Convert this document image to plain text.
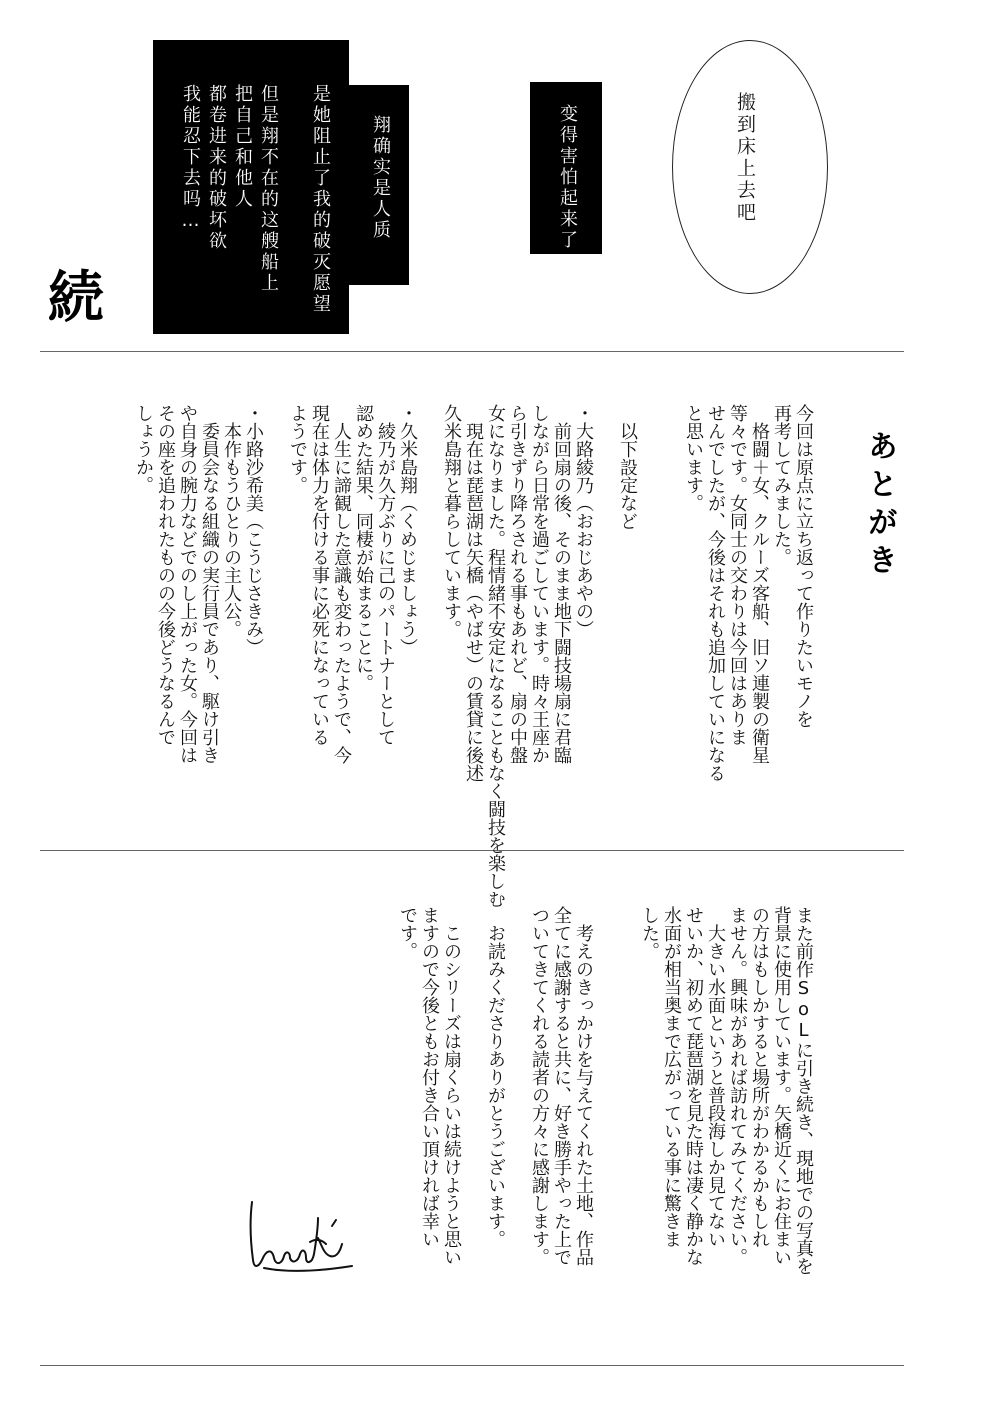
是她阻止了我的破灭愿望

但是翔不在的这艘船上
把自己和他人
都卷进来的破坏欲
我能忍下去吗…	翔确实是人质	变得害怕起来了	搬到床上去吧
続
あとがき
今回は原点に立ち返って作りたいモノを
再考してみました。
　格闘＋女、クルーズ客船、旧ソ連製の衛星
等々です。女同士の交わりは今回はありま
せんでしたが、今後はそれも追加していになる
と思います。

　以下設定など

・大路綾乃（おおじあやの）
　前回扇の後、そのまま地下闘技場扇に君臨
しながら日常を過ごしています。時々王座か
ら引きずり降ろされる事もあれど、扇の中盤
女になりました。程情緒不安定になることもなく闘技を楽しむ
　現在は琵琶湖は矢橋（やばせ）の賃貸に後述
久米島翔と暮らしています。

・久米島翔（くめじましょう）
　綾乃が久方ぶりに己のパートナーとして
認めた結果、同棲が始まることに。
　人生に諦観した意識も変わったようで、今
現在は体力を付ける事に必死になっている
ようです。

・小路沙希美（こうじさきみ）
　本作もうひとりの主人公。
　委員会なる組織の実行員であり、駆け引き
や自身の腕力などでのし上がった女。今回は
その座を追われたものの今後どうなるんで
しょうか。
また前作SoLに引き続き、現地での写真を
背景に使用しています。矢橋近くにお住まい
の方はもしかすると場所がわかるかもしれ
ません。興味があれば訪れてみてください。
　大きい水面というと普段海しか見てない
せいか、初めて琵琶湖を見た時は凄く静かな
水面が相当奥まで広がっている事に驚きま
した。

　考えのきっかけを与えてくれた土地、作品
全てに感謝すると共に、好き勝手やった上で
ついてきてくれる読者の方々に感謝します。

　お読みくださりありがとうございます。

　このシリーズは扇くらいは続けようと思い
ますので今後ともお付き合い頂ければ幸い
です。
